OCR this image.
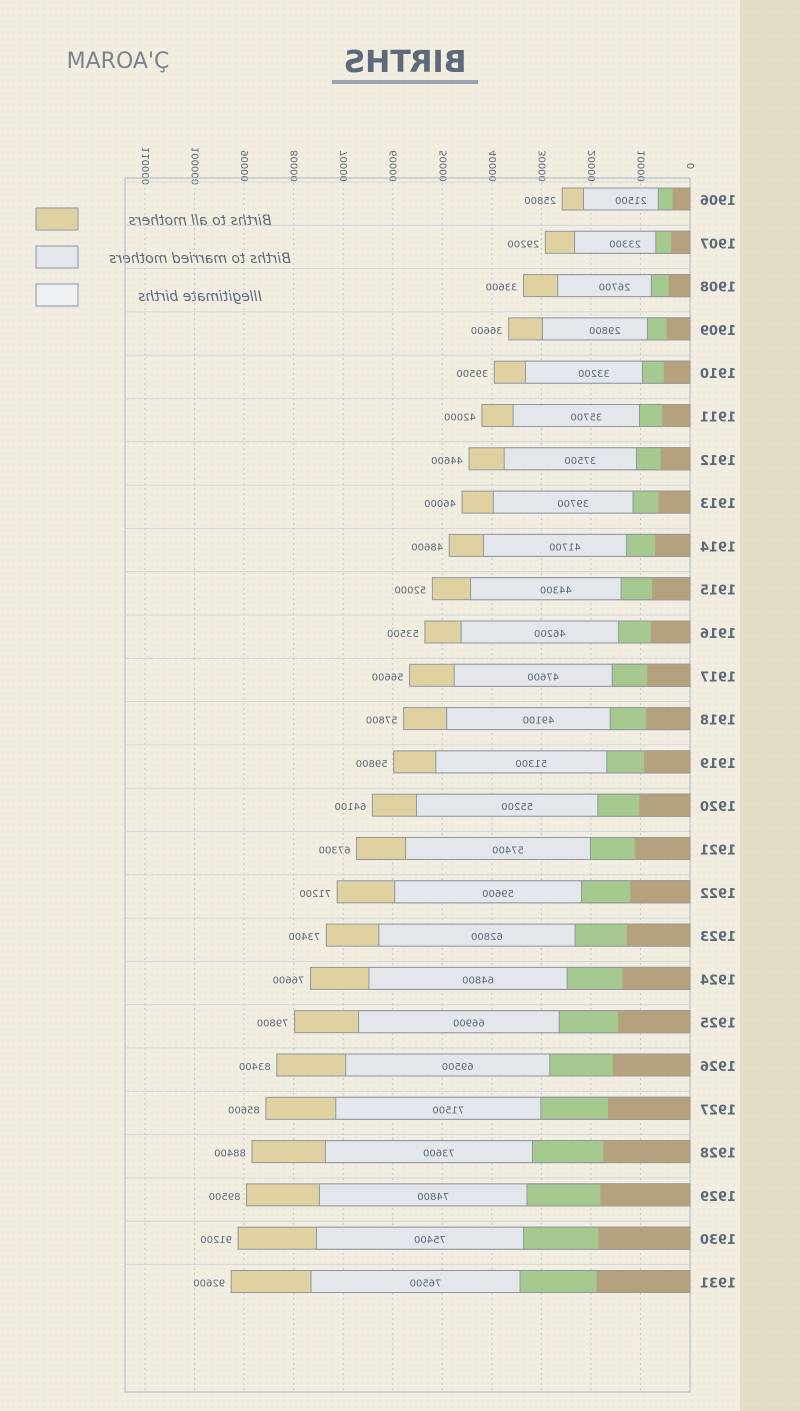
MAROA'Ç	BIRTHS
Births to all mothers
Births to married mothers
Illegitimate births
110000	100000	90000	80000	70000	60000	50000	40000	30000	20000	10000	0
25800	21500
29200	23300
33600	26700
36600	29800
39500	33200
42000	35700
44600	37500
46000	39700
48600	41700
52000	44300
53500	46200
56600	47600
57800	49100
59800	51300
64100	55200
67300	57400
71200	59600
73400	62800
76600	64800
79800	66900
83400	69500
85600	71500
88400	73600
89500	74800
91200	75400
92600	76500
1906
1907
1908
1909
1910
1911
1912
1913
1914
1915
1916
1917
1918
1919
1920
1921
1922
1923
1924
1925
1926
1927
1928
1929
1930
1931
